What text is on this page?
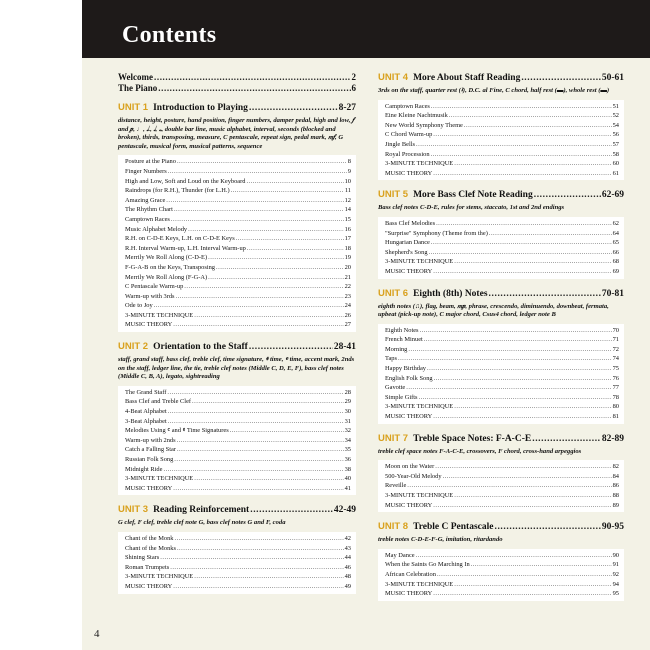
Contents
Welcome .....	2
The Piano .....	6
UNIT 1 Introduction to Playing .....	8-27
distance, height, posture, hand position, finger numbers, damper pedal, high and low, 𝆑 and 𝆏, ♩, 𝅗𝅥., 𝅗𝅥, 𝅝, double bar line, music alphabet, interval, seconds (blocked and broken), thirds, transposing, measure, C pentascale, repeat sign, pedal mark, 𝆐𝆑, G pentascale, musical form, musical patterns, sequence
Posture at the Piano .....	8
Finger Numbers .....	9
High and Low, Soft and Loud on the Keyboard .....	10
Raindrops (for R.H.), Thunder (for L.H.) .....	11
Amazing Grace .....	12
The Rhythm Chart .....	14
Camptown Races .....	15
Music Alphabet Melody .....	16
R.H. on C-D-E Keys, L.H. on C-D-E Keys .....	17
R.H. Interval Warm-up, L.H. Interval Warm-up .....	18
Merrily We Roll Along (C-D-E) .....	19
F-G-A-B on the Keys, Transposing .....	20
Merrily We Roll Along (F-G-A) .....	21
C Pentascale Warm-up .....	22
Warm-up with 3rds .....	23
Ode to Joy .....	24
3-MINUTE TECHNIQUE .....	26
MUSIC THEORY .....	27
UNIT 2 Orientation to the Staff .....	28-41
staff, grand staff, bass clef, treble clef, time signature, 𝄵 time, 𝄴 time, accent mark, 2nds on the staff, ledger line, the tie, treble clef notes (Middle C, D, E, F), bass clef notes (Middle C, B, A), legato, sightreading
The Grand Staff .....	28
Bass Clef and Treble Clef .....	29
4-Beat Alphabet .....	30
3-Beat Alphabet .....	31
Melodies Using 𝄴 and 𝄵 Time Signatures .....	32
Warm-up with 2nds .....	34
Catch a Falling Star .....	35
Russian Folk Song .....	36
Midnight Ride .....	38
3-MINUTE TECHNIQUE .....	40
MUSIC THEORY .....	41
UNIT 3 Reading Reinforcement .....	42-49
G clef, F clef, treble clef note G, bass clef notes G and F, coda
Chant of the Monk .....	42
Chant of the Monks .....	43
Shining Stars .....	44
Roman Trumpets .....	46
3-MINUTE TECHNIQUE .....	48
MUSIC THEORY .....	49
UNIT 4 More About Staff Reading .....	50-61
3rds on the staff, quarter rest (𝄽), D.C. al Fine, C chord, half rest (▬), whole rest (▬)
Camptown Races .....	51
Eine Kleine Nachtmusik .....	52
New World Symphony Theme .....	54
C Chord Warm-up .....	56
Jingle Bells .....	57
Royal Procession .....	58
3-MINUTE TECHNIQUE .....	60
MUSIC THEORY .....	61
UNIT 5 More Bass Clef Note Reading .....	62-69
Bass clef notes C-D-E, rules for stems, staccato, 1st and 2nd endings
Bass Clef Melodies .....	62
"Surprise" Symphony (Theme from the) .....	64
Hungarian Dance .....	65
Shepherd's Song .....	66
3-MINUTE TECHNIQUE .....	68
MUSIC THEORY .....	69
UNIT 6 Eighth (8th) Notes .....	70-81
eighth notes (♫), flag, beam, 𝆐𝆏, phrase, crescendo, diminuendo, downbeat, fermata, upbeat (pick-up note), C major chord, Csus4 chord, ledger note B
Eighth Notes .....	70
French Minuet .....	71
Morning .....	72
Taps .....	74
Happy Birthday .....	75
English Folk Song .....	76
Gavotte .....	77
Simple Gifts .....	78
3-MINUTE TECHNIQUE .....	80
MUSIC THEORY .....	81
UNIT 7 Treble Space Notes: F-A-C-E .....	82-89
treble clef space notes F-A-C-E, crossovers, F chord, cross-hand arpeggios
Moon on the Water .....	82
500-Year-Old Melody .....	84
Reveille .....	86
3-MINUTE TECHNIQUE .....	88
MUSIC THEORY .....	89
UNIT 8 Treble C Pentascale .....	90-95
treble notes C-D-E-F-G, imitation, ritardando
May Dance .....	90
When the Saints Go Marching In .....	91
African Celebration .....	92
3-MINUTE TECHNIQUE .....	94
MUSIC THEORY .....	95
4
